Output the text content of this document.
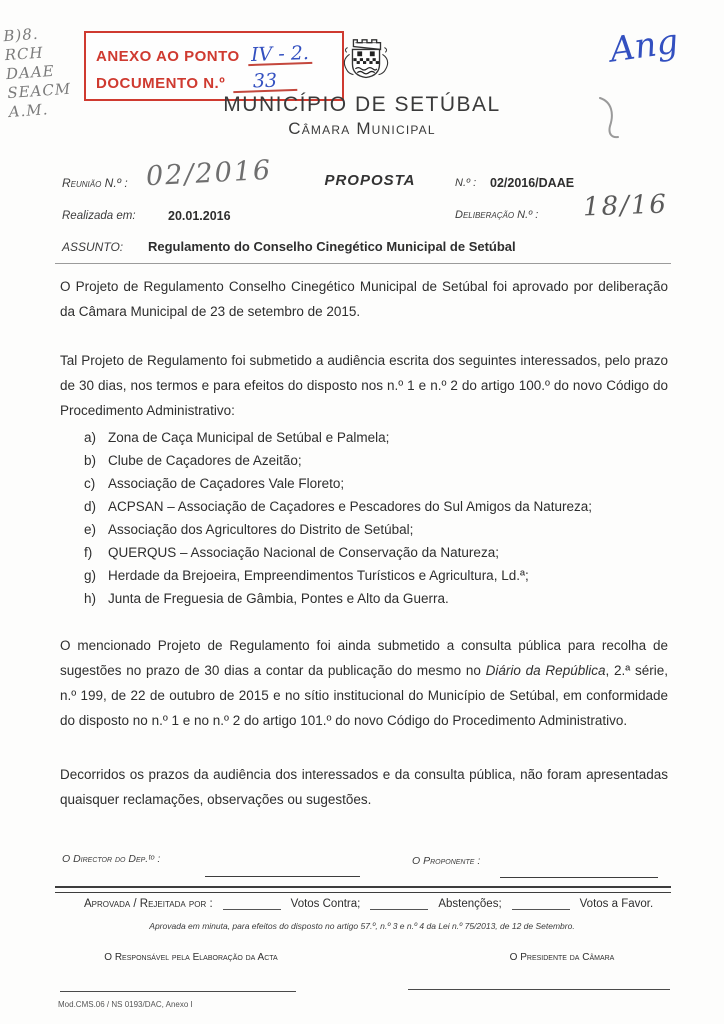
B)8.
RCH
DAAE
SEACM
A.M.
ANEXO AO PONTO IV - 2.
DOCUMENTO N.º	33
Ang
MUNICÍPIO DE SETÚBAL
Câmara Municipal
Reunião N.º : 02/2016	PROPOSTA	N.º : 02/2016/DAAE
Realizada em:	20.01.2016	Deliberação N.º : 18/16
ASSUNTO: Regulamento do Conselho Cinegético Municipal de Setúbal
O Projeto de Regulamento Conselho Cinegético Municipal de Setúbal foi aprovado por deliberação da Câmara Municipal de 23 de setembro de 2015.
Tal Projeto de Regulamento foi submetido a audiência escrita dos seguintes interessados, pelo prazo de 30 dias, nos termos e para efeitos do disposto nos n.º 1 e n.º 2 do artigo 100.º do novo Código do Procedimento Administrativo:
a) Zona de Caça Municipal de Setúbal e Palmela;
b) Clube de Caçadores de Azeitão;
c) Associação de Caçadores Vale Floreto;
d) ACPSAN – Associação de Caçadores e Pescadores do Sul Amigos da Natureza;
e) Associação dos Agricultores do Distrito de Setúbal;
f)	QUERQUS – Associação Nacional de Conservação da Natureza;
g) Herdade da Brejoeira, Empreendimentos Turísticos e Agricultura, Ld.ª;
h) Junta de Freguesia de Gâmbia, Pontes e Alto da Guerra.
O mencionado Projeto de Regulamento foi ainda submetido a consulta pública para recolha de sugestões no prazo de 30 dias a contar da publicação do mesmo no Diário da República, 2.ª série, n.º 199, de 22 de outubro de 2015 e no sítio institucional do Município de Setúbal, em conformidade do disposto no n.º 1 e no n.º 2 do artigo 101.º do novo Código do Procedimento Administrativo.
Decorridos os prazos da audiência dos interessados e da consulta pública, não foram apresentadas quaisquer reclamações, observações ou sugestões.
O Director do Dep.ᵗᵒ :	O Proponente :
Aprovada / Rejeitada por :	Votos Contra;	Abstenções;	Votos a Favor.
Aprovada em minuta, para efeitos do disposto no artigo 57.º, n.º 3 e n.º 4 da Lei n.º 75/2013, de 12 de Setembro.
O Responsável pela Elaboração da Acta	O Presidente da Câmara
Mod.CMS.06 / NS 0193/DAC, Anexo I
